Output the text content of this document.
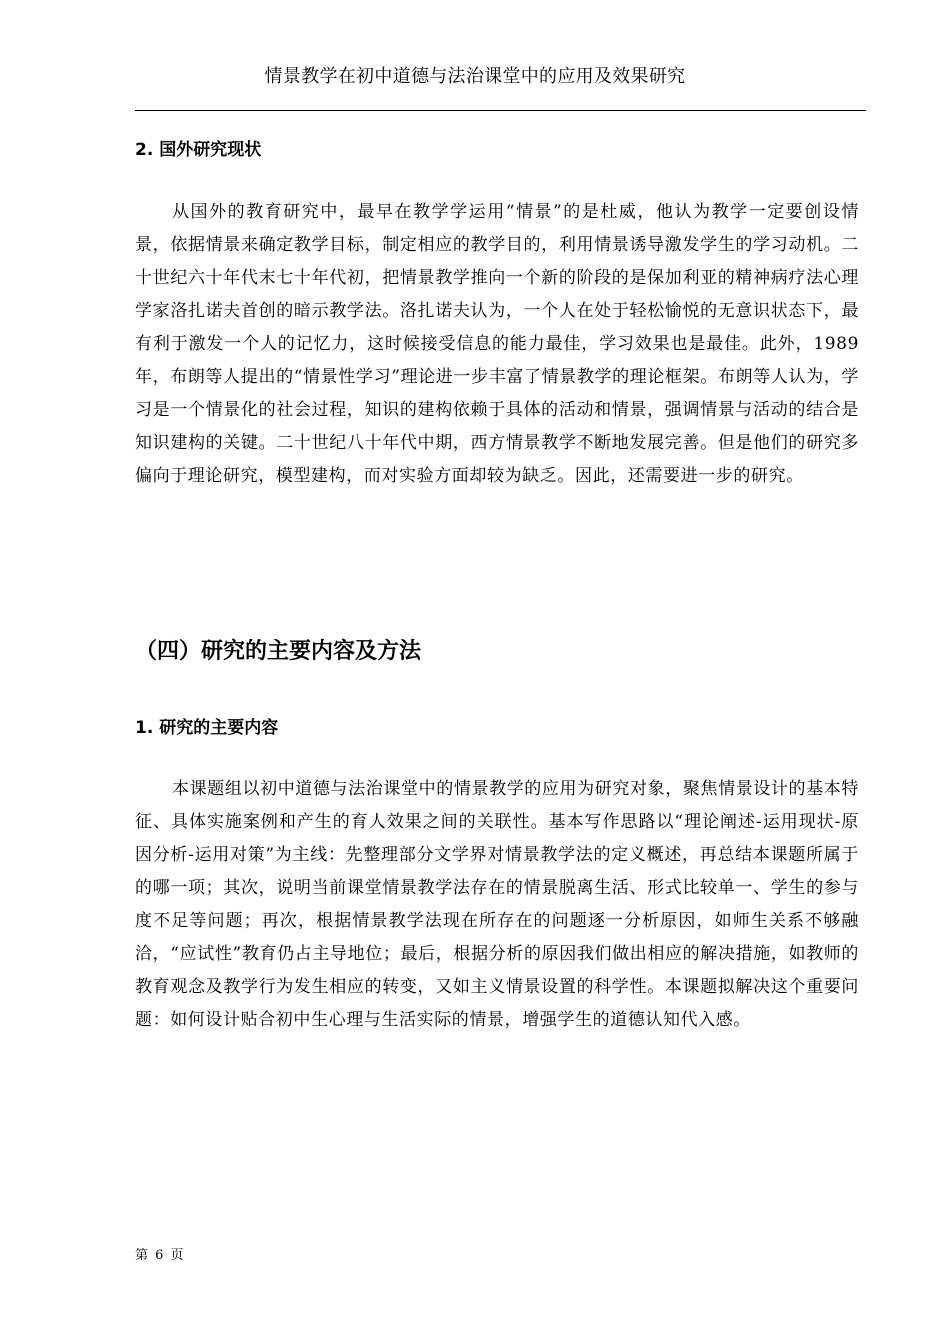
情景教学在初中道德与法治课堂中的应用及效果研究
2. 国外研究现状

从国外的教育研究中，最早在教学学运用“情景”的是杜威，他认为教学一定要创设情景，依据情景来确定教学目标，制定相应的教学目的，利用情景诱导激发学生的学习动机。二十世纪六十年代末七十年代初，把情景教学推向一个新的阶段的是保加利亚的精神病疗法心理学家洛扎诺夫首创的暗示教学法。洛扎诺夫认为，一个人在处于轻松愉悦的无意识状态下，最有利于激发一个人的记忆力，这时候接受信息的能力最佳，学习效果也是最佳。此外，1989 年，布朗等人提出的“情景性学习”理论进一步丰富了情景教学的理论框架。布朗等人认为，学习是一个情景化的社会过程，知识的建构依赖于具体的活动和情景，强调情景与活动的结合是知识建构的关键。二十世纪八十年代中期，西方情景教学不断地发展完善。但是他们的研究多偏向于理论研究，模型建构，而对实验方面却较为缺乏。因此，还需要进一步的研究。

（四）研究的主要内容及方法
1. 研究的主要内容

本课题组以初中道德与法治课堂中的情景教学的应用为研究对象，聚焦情景设计的基本特征、具体实施案例和产生的育人效果之间的关联性。基本写作思路以“理论阐述-运用现状-原因分析-运用对策”为主线：先整理部分文学界对情景教学法的定义概述，再总结本课题所属于的哪一项；其次，说明当前课堂情景教学法存在的情景脱离生活、形式比较单一、学生的参与度不足等问题；再次，根据情景教学法现在所存在的问题逐一分析原因，如师生关系不够融洽，“应试性”教育仍占主导地位；最后，根据分析的原因我们做出相应的解决措施，如教师的教育观念及教学行为发生相应的转变，又如主义情景设置的科学性。本课题拟解决这个重要问题：如何设计贴合初中生心理与生活实际的情景，增强学生的道德认知代入感。

第 6 页
